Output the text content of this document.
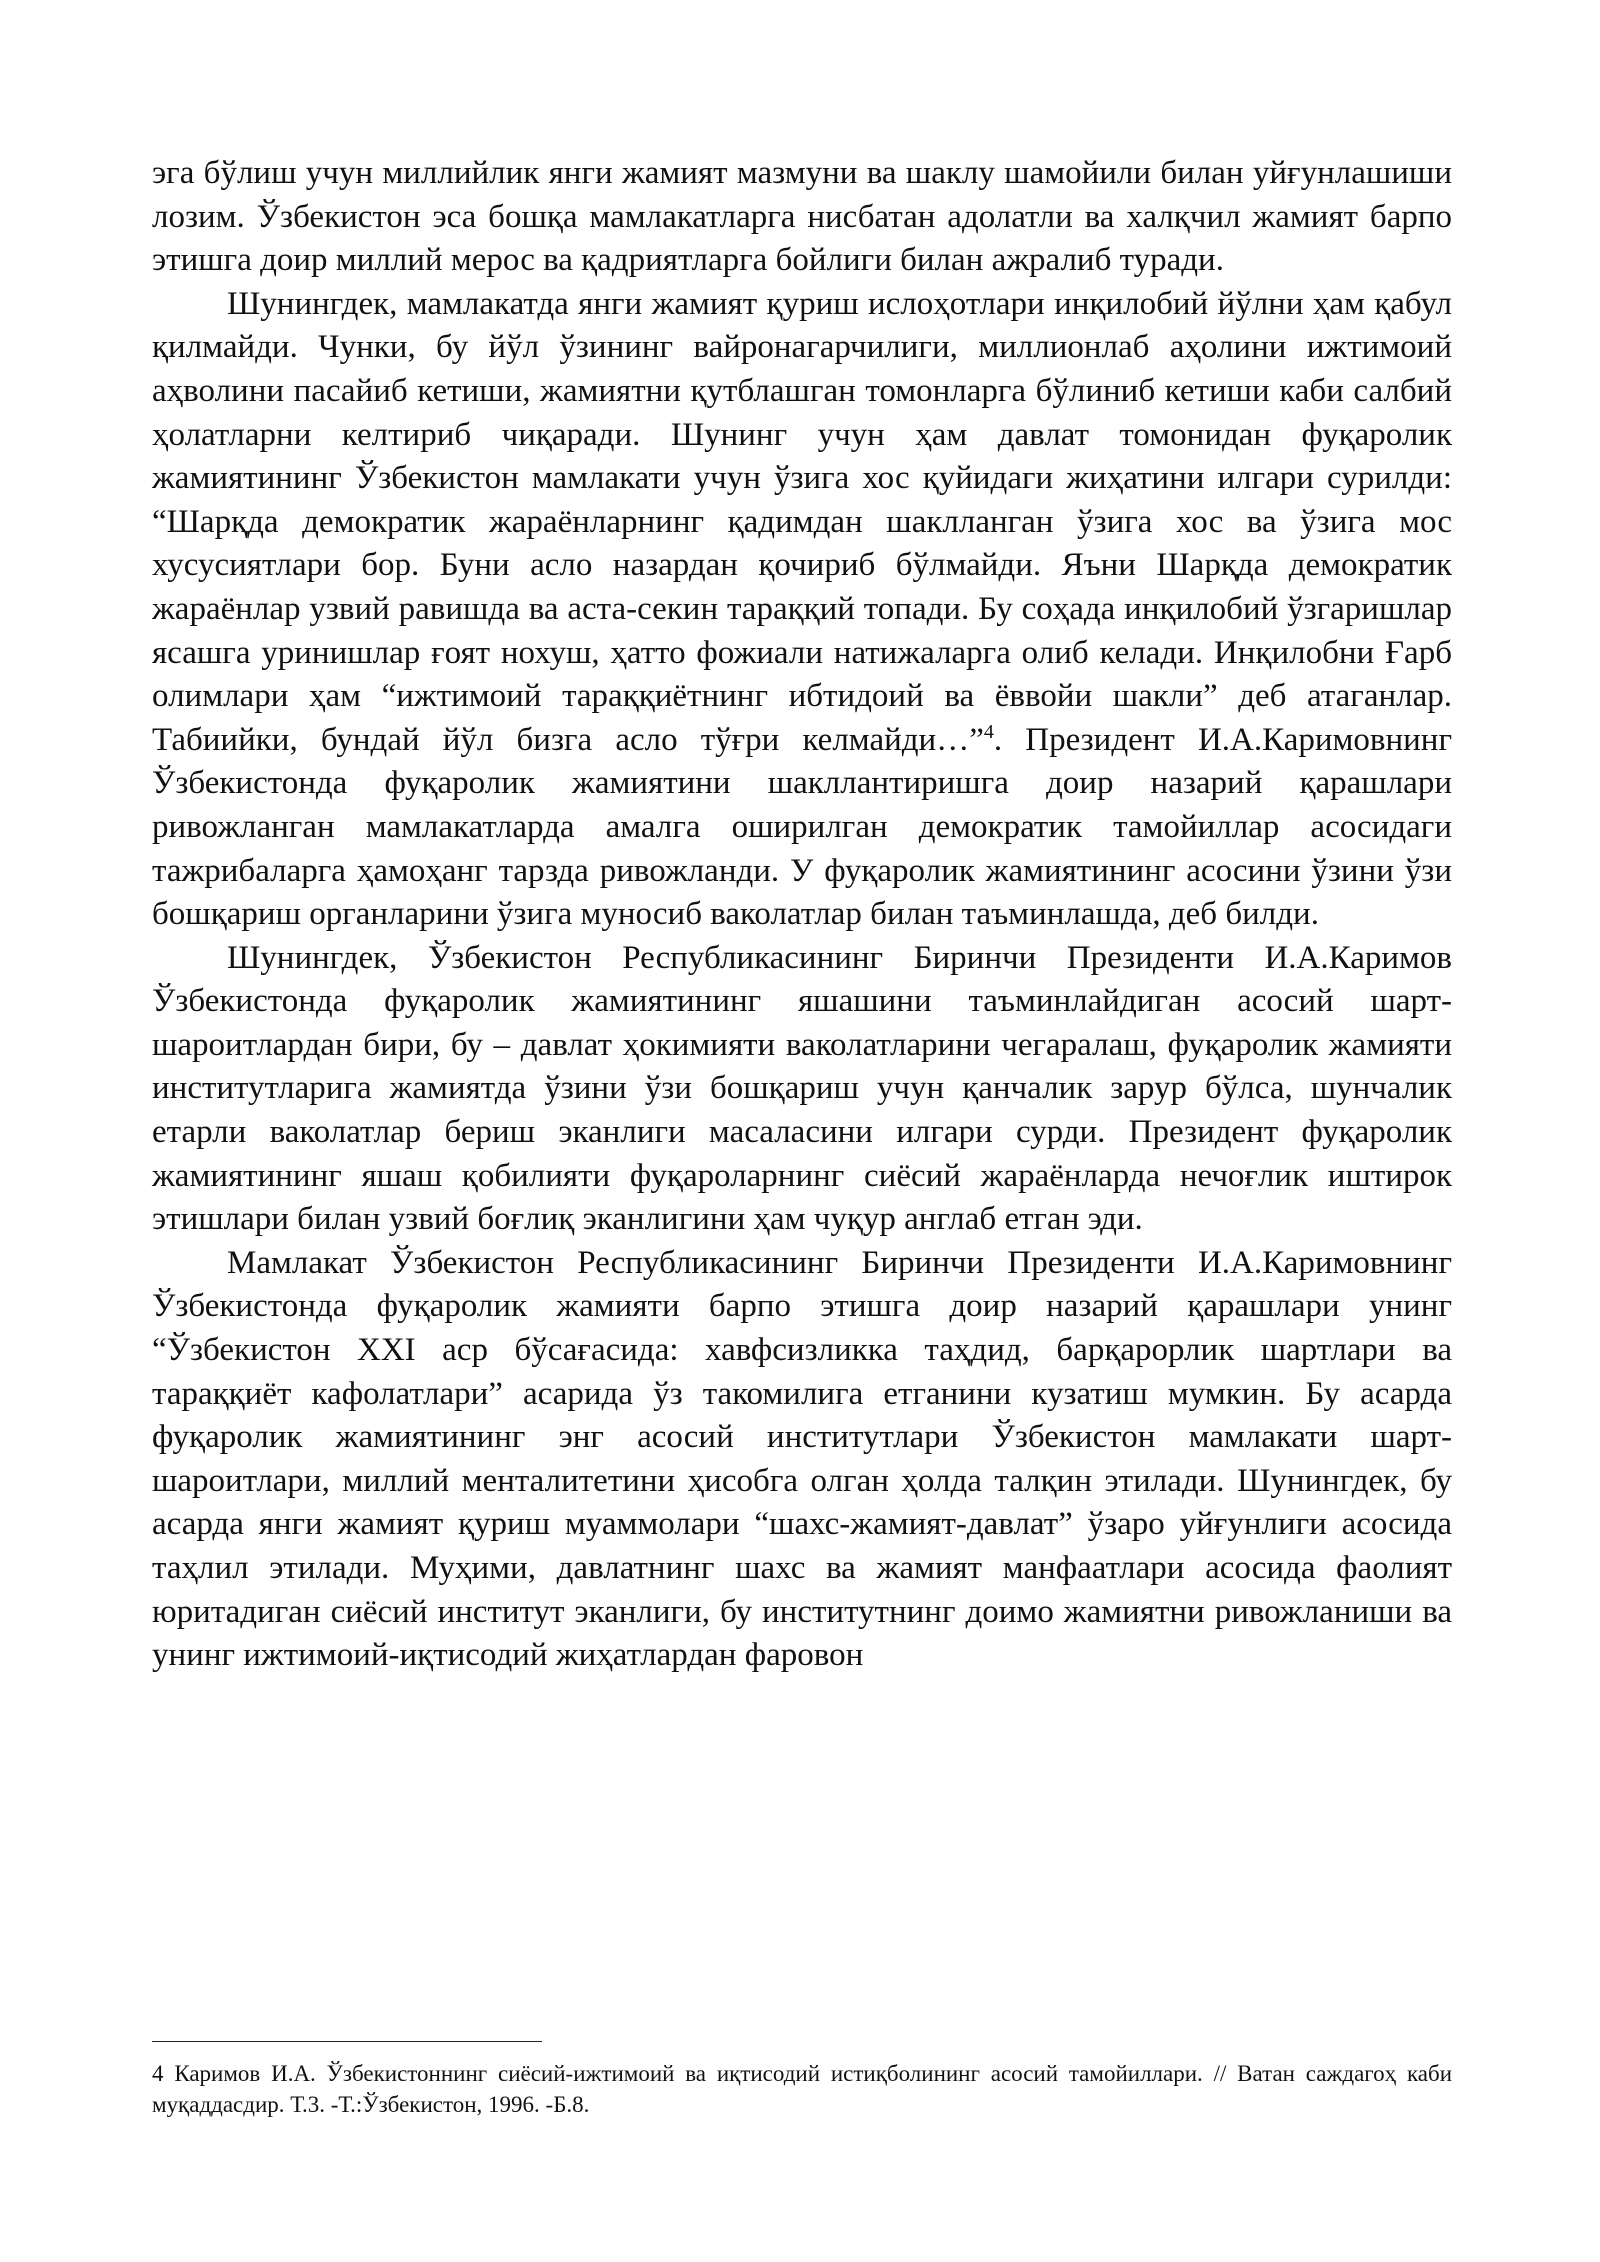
эга бўлиш учун миллийлик янги жамият мазмуни ва шаклу шамойили билан уйғунлашиши лозим. Ўзбекистон эса бошқа мамлакатларга нисбатан адолатли ва халқчил жамият барпо этишга доир миллий мерос ва қадриятларга бойлиги билан ажралиб туради.

Шунингдек, мамлакатда янги жамият қуриш ислоҳотлари инқилобий йўлни ҳам қабул қилмайди. Чунки, бу йўл ўзининг вайронагарчилиги, миллионлаб аҳолини ижтимоий аҳволини пасайиб кетиши, жамиятни қутблашган томонларга бўлиниб кетиши каби салбий ҳолатларни келтириб чиқаради. Шунинг учун ҳам давлат томонидан фуқаролик жамиятининг Ўзбекистон мамлакати учун ўзига хос қуйидаги жиҳатини илгари сурилди: “Шарқда демократик жараёнларнинг қадимдан шаклланган ўзига хос ва ўзига мос хусусиятлари бор. Буни асло назардан қочириб бўлмайди. Яъни Шарқда демократик жараёнлар узвий равишда ва аста-секин тараққий топади. Бу соҳада инқилобий ўзгаришлар ясашга уринишлар ғоят нохуш, ҳатто фожиали натижаларга олиб келади. Инқилобни Ғарб олимлари ҳам “ижтимоий тараққиётнинг ибтидоий ва ёввойи шакли” деб атаганлар. Табиийки, бундай йўл бизга асло тўғри келмайди…”$^4$. Президент И.А.Каримовнинг Ўзбекистонда фуқаролик жамиятини шакллантиришга доир назарий қарашлари ривожланган мамлакатларда амалга оширилган демократик тамойиллар асосидаги тажрибаларга ҳамоҳанг тарзда ривожланди. У фуқаролик жамиятининг асосини ўзини ўзи бошқариш органларини ўзига муносиб ваколатлар билан таъминлашда, деб билди.

Шунингдек, Ўзбекистон Республикасининг Биринчи Президенти И.А.Каримов Ўзбекистонда фуқаролик жамиятининг яшашини таъминлайдиган асосий шарт-шароитлардан бири, бу – давлат ҳокимияти ваколатларини чегаралаш, фуқаролик жамияти институтларига жамиятда ўзини ўзи бошқариш учун қанчалик зарур бўлса, шунчалик етарли ваколатлар бериш эканлиги масаласини илгари сурди. Президент фуқаролик жамиятининг яшаш қобилияти фуқароларнинг сиёсий жараёнларда нечоғлик иштирок этишлари билан узвий боғлиқ эканлигини ҳам чуқур англаб етган эди.

Мамлакат Ўзбекистон Республикасининг Биринчи Президенти И.А.Каримовнинг Ўзбекистонда фуқаролик жамияти барпо этишга доир назарий қарашлари унинг “Ўзбекистон XXI аср бўсағасида: хавфсизликка таҳдид, барқарорлик шартлари ва тараққиёт кафолатлари” асарида ўз такомилига етганини кузатиш мумкин. Бу асарда фуқаролик жамиятининг энг асосий институтлари Ўзбекистон мамлакати шарт-шароитлари, миллий менталитетини ҳисобга олган ҳолда талқин этилади. Шунингдек, бу асарда янги жамият қуриш муаммолари “шахс-жамият-давлат” ўзаро уйғунлиги асосида таҳлил этилади. Муҳими, давлатнинг шахс ва жамият манфаатлари асосида фаолият юритадиган сиёсий институт эканлиги, бу институтнинг доимо жамиятни ривожланиши ва унинг ижтимоий-иқтисодий жиҳатлардан фаровон

4 Каримов И.А. Ўзбекистоннинг сиёсий-ижтимоий ва иқтисодий истиқболининг асосий тамойиллари. // Ватан саждагоҳ каби муқаддасдир. Т.3. -Т.:Ўзбекистон, 1996. -Б.8.
